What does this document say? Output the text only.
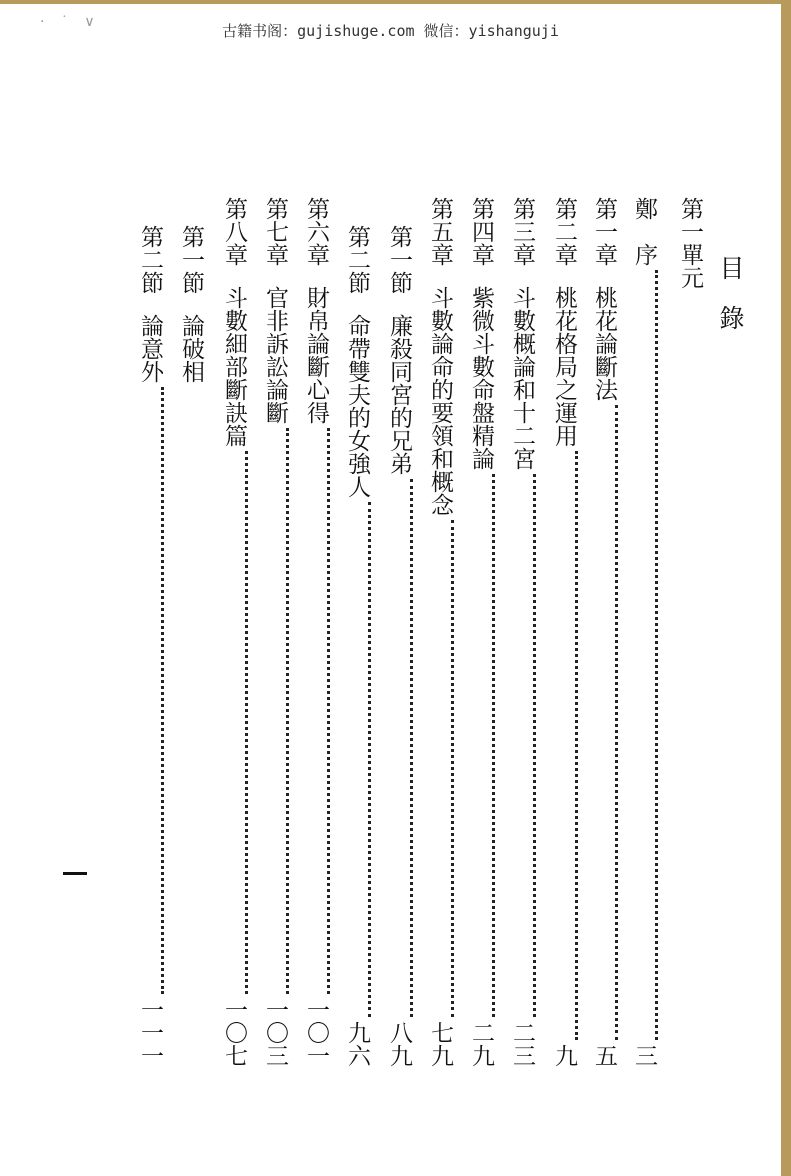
· ˙ ∨	古籍书阁：gujishuge.com 微信：yishanguji
目　錄
第一單元
鄭　序
三
第一章
桃花論斷法
五
第二章
桃花格局之運用
九
第三章
斗數概論和十二宮
二三
第四章
紫微斗數命盤精論
二九
第五章
斗數論命的要領和概念
七九
第一節
廉殺同宮的兄弟
八九
第二節
命帶雙夫的女強人
九六
第六章
財帛論斷心得
一〇一
第七章
官非訴訟論斷
一〇三
第八章
斗數細部斷訣篇
一〇七
第一節
論破相
第二節
論意外
一一一
